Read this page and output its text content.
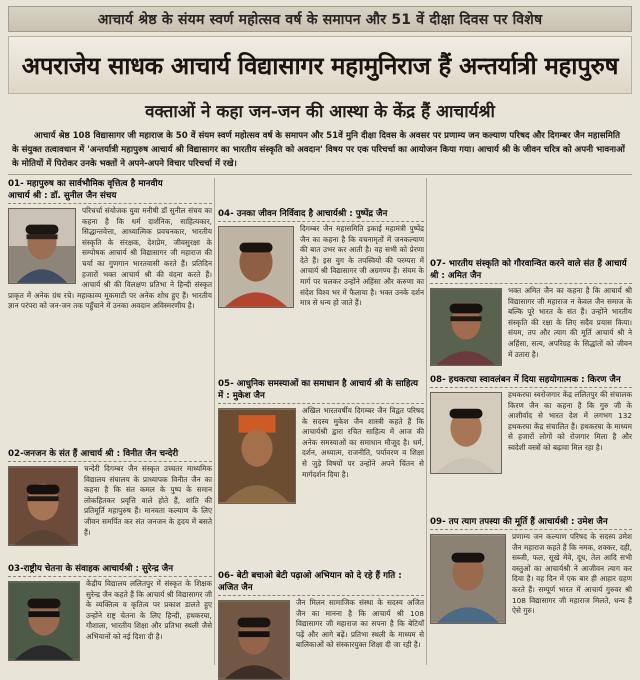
आचार्य श्रेष्ठ के संयम स्वर्ण महोत्सव वर्ष के समापन और 51 वें दीक्षा दिवस पर विशेष
अपराजेय साधक आचार्य विद्यासागर महामुनिराज हैं अन्तर्यात्री महापुरुष
वक्ताओं ने कहा जन-जन की आस्था के केंद्र हैं आचार्यश्री

आचार्य श्रेष्ठ 108 विद्यासागर जी महाराज के 50 वें संयम स्वर्ण महोत्सव वर्ष के समापन और 51वें मुनि दीक्षा दिवस के अवसर पर प्रणाम्य जन कल्याण परिषद और दिगम्बर जैन महासमिति के संयुक्त तत्वावधान में 'अन्तर्यात्री महापुरुष आचार्य श्री विद्यासागर का भारतीय संस्कृति को अवदान' विषय पर एक परिचर्चा का आयोजन किया गया। आचार्य श्री के जीवन चरित्र को अपनी भावनाओं के मोतियों में पिरोकर उनके भक्तों ने अपने-अपने विचार परिचर्चा में रखे।

01- महापुरुष का सार्वभौमिक वृत्तित्व है मानवीय
आचार्य श्री : डॉ. सुनील जैन संचय
परिचर्चा संयोजक युवा मनीषी डॉ सुनील संचय का कहना है कि धर्म दार्शनिक, साहित्यकार, सिद्धान्तवेत्ता, आध्यात्मिक प्रवचनकार, भारतीय संस्कृति के संरक्षक, देशप्रेम, जीवसुरक्षा के सम्पोषक आचार्य श्री विद्यासागर जी महाराज की चर्या का गुणगान भारतवासी करते हैं। प्रतिदिन हजारों भक्त आचार्य श्री की वंदना करते हैं। आचार्य श्री की विलक्षण प्रतिभा ने हिन्दी संस्कृत प्राकृत में अनेक ग्रंथ रचे। महाकाव्य मूकमाटी पर अनेक शोध हुए हैं। भारतीय ज्ञान परंपरा को जन-जन तक पहुँचाने में उनका अवदान अविस्मरणीय है।
02-जनजन के संत हैं आचार्य श्री : विनीत जैन चन्देरी
चन्देरी दिगम्बर जैन संस्कृत उच्चतर माध्यमिक विद्यालय संघालय के प्राध्यापक विनीत जैन का कहना है कि संत कमल के पुष्प के समान लोकहितकर प्रवृत्ति वाले होते हैं, शांति की प्रतिमूर्ति महापुरुष हैं। मानवता कल्याण के लिए जीवन समर्पित कर संत जनजन के हृदय में बसते हैं।
03-राष्ट्रीय चेतना के संवाहक आचार्यश्री : सुरेन्द्र जैन
केंद्रीय विद्यालय ललितपुर में संस्कृत के शिक्षक सुरेन्द्र जैन कहते हैं कि आचार्य श्री विद्यासागर जी के व्यक्तित्व व कृतित्व पर प्रकाश डालते हुए उन्होंने राष्ट्र चेतना के लिए हिन्दी, हथकरघा, गौशाला, भारतीय शिक्षा और प्रतिभा स्थली जैसे अभियानों को नई दिशा दी है।
04- उनका जीवन निर्विवाद है आचार्यश्री : पुष्पेंद्र जैन
दिगम्बर जैन महासमिति इकाई महामंत्री पुष्पेंद्र जैन का कहना है कि वचनामृतों में जनकल्याण की बात उभर कर आती है। वह सभी को प्रेरणा देते हैं। इस युग के तपस्वियों की परम्परा में आचार्य श्री विद्यासागर जी अग्रगण्य हैं। संयम के मार्ग पर चलकर उन्होंने अहिंसा और करुणा का संदेश विश्व भर में फैलाया है। भक्त उनके दर्शन मात्र से धन्य हो जाते हैं।
05- आधुनिक समस्याओं का समाधान है आचार्य श्री के साहित्य में : मुकेश जैन
अखिल भारतवर्षीय दिगम्बर जैन विद्वत परिषद के सदस्य मुकेश जैन शास्त्री कहते हैं कि आचार्यश्री द्वारा रचित साहित्य में आज की अनेक समस्याओं का समाधान मौजूद है। धर्म, दर्शन, अध्यात्म, राजनीति, पर्यावरण व शिक्षा से जुड़े विषयों पर उन्होंने अपने चिंतन से मार्गदर्शन दिया है।
06- बेटी बचाओ बेटी पढ़ाओ अभियान को दे रहे हैं गति : अजित जैन
जैन मिलन सामाजिक संस्था के सदस्य अजित जैन का मानना है कि आचार्य श्री 108 विद्यासागर जी महाराज का सपना है कि बेटियाँ पढ़ें और आगे बढ़ें। प्रतिभा स्थली के माध्यम से बालिकाओं को संस्कारयुक्त शिक्षा दी जा रही है।
07- भारतीय संस्कृति को गौरवान्वित करने वाले संत हैं आचार्य श्री : अमित जैन
भक्त अमित जैन का कहना है कि आचार्य श्री विद्यासागर जी महाराज न केवल जैन समाज के बल्कि पूरे भारत के संत हैं। उन्होंने भारतीय संस्कृति की रक्षा के लिए सदैव प्रयास किया। संयम, तप और त्याग की मूर्ति आचार्य श्री ने अहिंसा, सत्य, अपरिग्रह के सिद्धांतों को जीवन में उतारा है।
08- हथकरघा स्वावलंबन में दिया सहयोगात्मक : किरण जैन
हथकरघा स्वरोजगार केंद्र ललितपुर की संचालक किरण जैन का कहना है कि गुरु जी के आशीर्वाद से भारत देश में लगभग 132 हथकरघा केंद्र संचालित हैं। हथकरघा के माध्यम से हजारों लोगों को रोजगार मिला है और स्वदेशी वस्त्रों को बढ़ावा मिल रहा है।
09- तप त्याग तपस्या की मूर्ति हैं आचार्यश्री : उमेश जैन
प्रणाम्य जन कल्याण परिषद के सदस्य उमेश जैन महाराज कहते हैं कि नमक, शक्कर, दही, सब्जी, फल, सूखे मेवे, दूध, तेल आदि सभी वस्तुओं का आचार्यश्री ने आजीवन त्याग कर दिया है। वह दिन में एक बार ही आहार ग्रहण करते हैं। सम्पूर्ण भारत में आचार्य गुरुवर श्री 108 विद्यासागर जी महाराज मिलते, धन्य हैं ऐसे गुरु।
